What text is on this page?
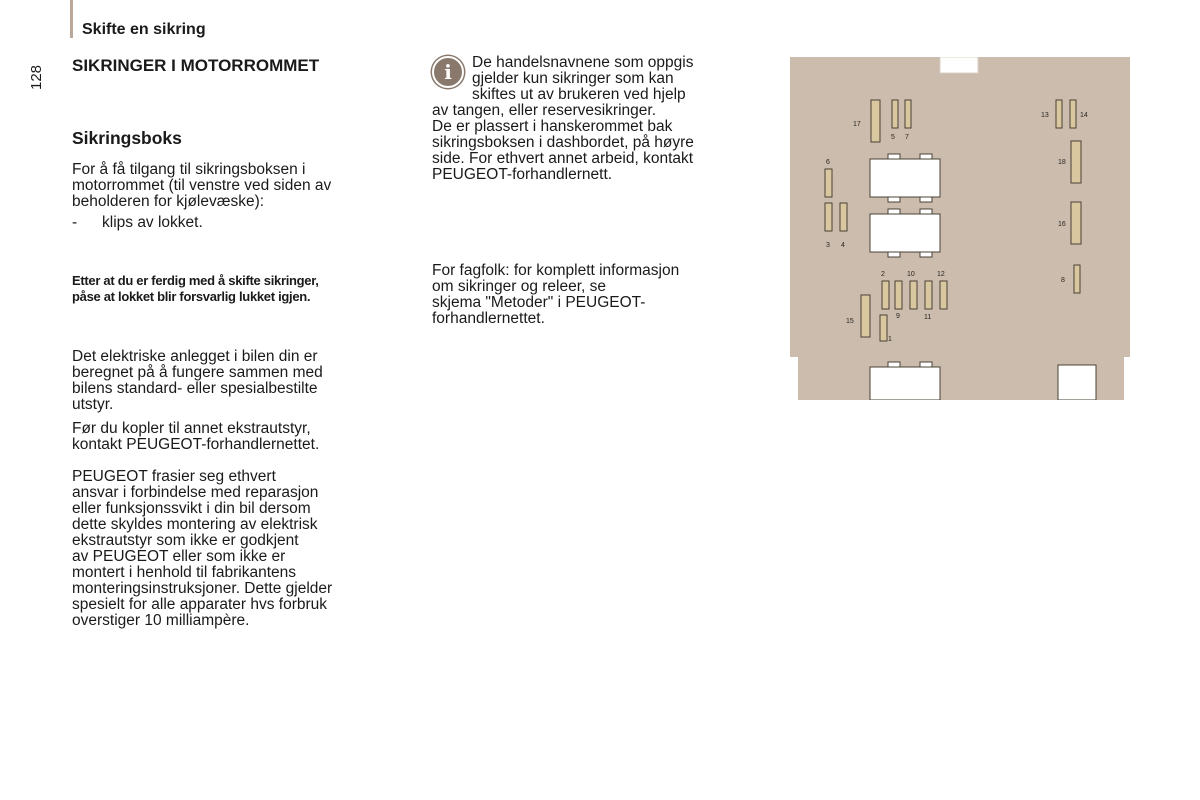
Skifte en sikring
128 SIKRINGER I MOTORROMMET
Sikringsboks
For å få tilgang til sikringsboksen i
motorrommet (til venstre ved siden av
beholderen for kjølevæske):
- klips av lokket.
Etter at du er ferdig med å skifte sikringer,
påse at lokket blir forsvarlig lukket igjen.
Det elektriske anlegget i bilen din er
beregnet på å fungere sammen med
bilens standard- eller spesialbestilte
utstyr.
Før du kopler til annet ekstrautstyr,
kontakt PEUGEOT-forhandlernettet.
PEUGEOT frasier seg ethvert
ansvar i forbindelse med reparasjon
eller funksjonssvikt i din bil dersom
dette skyldes montering av elektrisk
ekstrautstyr som ikke er godkjent
av PEUGEOT eller som ikke er
montert i henhold til fabrikantens
monteringsinstruksjoner. Dette gjelder
spesielt for alle apparater hvs forbruk
overstiger 10 milliampère.
i	De handelsnavnene som oppgis
gjelder kun sikringer som kan
skiftes ut av brukeren ved hjelp
av tangen, eller reservesikringer.
De er plassert i hanskerommet bak
sikringsboksen i dashbordet, på høyre
side. For ethvert annet arbeid, kontakt
PEUGEOT-forhandlernett.
For fagfolk: for komplett informasjon
om sikringer og releer, se
skjema "Metoder" i PEUGEOT-
forhandlernettet.
17
5 7
6
3 4
2	10	12
9	11
15
1
13	14
18
16
8
